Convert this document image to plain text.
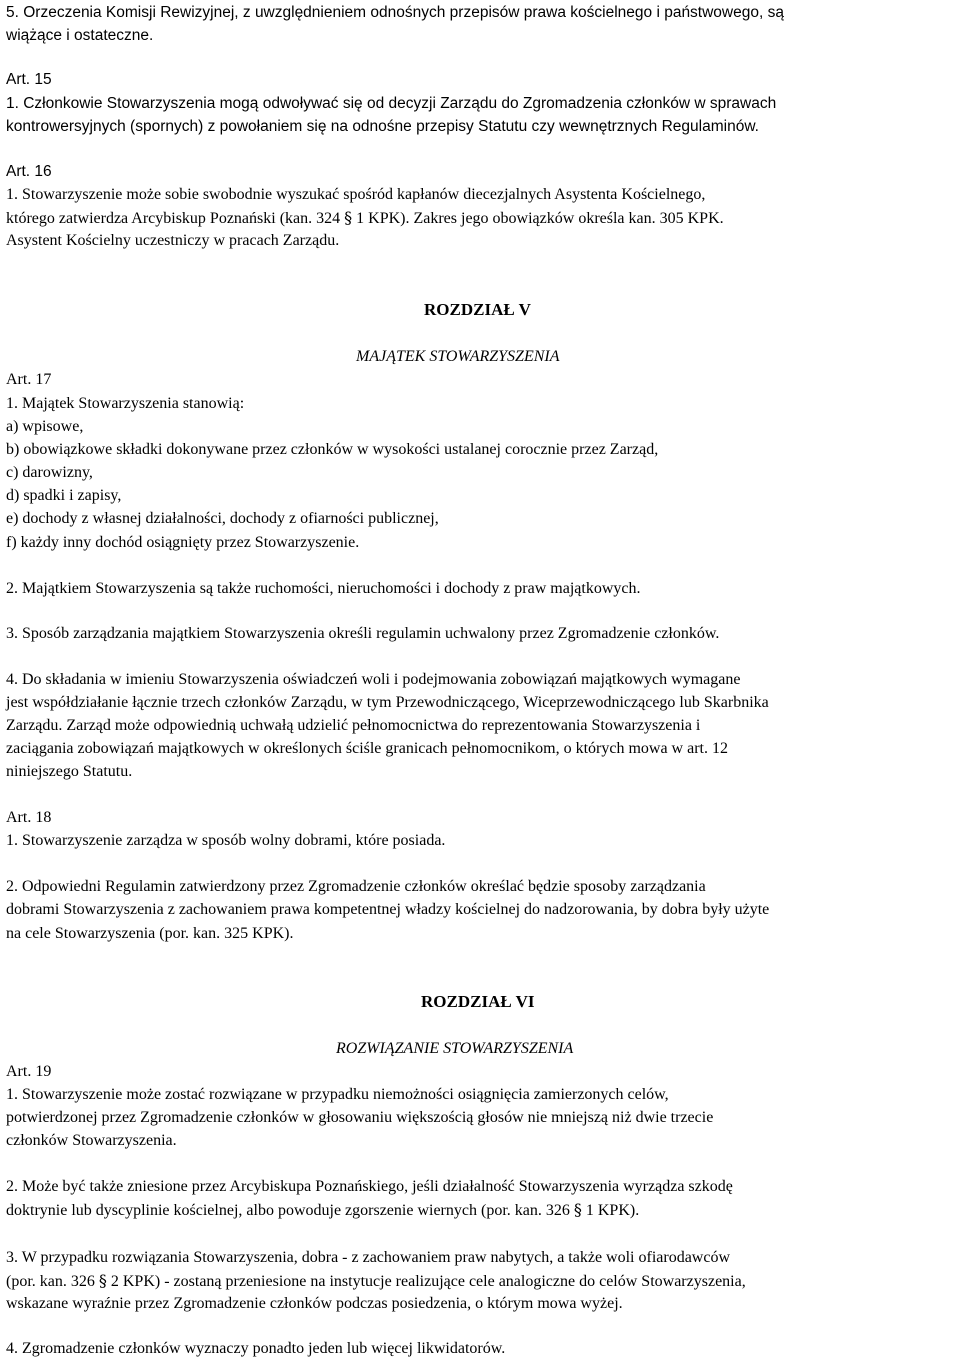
5. Orzeczenia Komisji Rewizyjnej, z uwzględnieniem odnośnych przepisów prawa kościelnego i państwowego, są
wiążące i ostateczne.
Art. 15
1. Członkowie Stowarzyszenia mogą odwoływać się od decyzji Zarządu do Zgromadzenia członków w sprawach
kontrowersyjnych (spornych) z powołaniem się na odnośne przepisy Statutu czy wewnętrznych Regulaminów.
Art. 16
1. Stowarzyszenie może sobie swobodnie wyszukać spośród kapłanów diecezjalnych Asystenta Kościelnego,
którego zatwierdza Arcybiskup Poznański (kan. 324 § 1 KPK). Zakres jego obowiązków określa kan. 305 KPK.
Asystent Kościelny uczestniczy w pracach Zarządu.
ROZDZIAŁ V
MAJĄTEK STOWARZYSZENIA
Art. 17
1. Majątek Stowarzyszenia stanowią:
a) wpisowe,
b) obowiązkowe składki dokonywane przez członków w wysokości ustalanej corocznie przez Zarząd,
c) darowizny,
d) spadki i zapisy,
e) dochody z własnej działalności, dochody z ofiarności publicznej,
f) każdy inny dochód osiągnięty przez Stowarzyszenie.
2. Majątkiem Stowarzyszenia są także ruchomości, nieruchomości i dochody z praw majątkowych.
3. Sposób zarządzania majątkiem Stowarzyszenia określi regulamin uchwalony przez Zgromadzenie członków.
4. Do składania w imieniu Stowarzyszenia oświadczeń woli i podejmowania zobowiązań majątkowych wymagane
jest współdziałanie łącznie trzech członków Zarządu, w tym Przewodniczącego, Wiceprzewodniczącego lub Skarbnika
Zarządu. Zarząd może odpowiednią uchwałą udzielić pełnomocnictwa do reprezentowania Stowarzyszenia i
zaciągania zobowiązań majątkowych w określonych ściśle granicach pełnomocnikom, o których mowa w art. 12
niniejszego Statutu.
Art. 18
1. Stowarzyszenie zarządza w sposób wolny dobrami, które posiada.
2. Odpowiedni Regulamin zatwierdzony przez Zgromadzenie członków określać będzie sposoby zarządzania
dobrami Stowarzyszenia z zachowaniem prawa kompetentnej władzy kościelnej do nadzorowania, by dobra były użyte
na cele Stowarzyszenia (por. kan. 325 KPK).
ROZDZIAŁ VI
ROZWIĄZANIE STOWARZYSZENIA
Art. 19
1. Stowarzyszenie może zostać rozwiązane w przypadku niemożności osiągnięcia zamierzonych celów,
potwierdzonej przez Zgromadzenie członków w głosowaniu większością głosów nie mniejszą niż dwie trzecie
członków Stowarzyszenia.
2. Może być także zniesione przez Arcybiskupa Poznańskiego, jeśli działalność Stowarzyszenia wyrządza szkodę
doktrynie lub dyscyplinie kościelnej, albo powoduje zgorszenie wiernych (por. kan. 326 § 1 KPK).
3. W przypadku rozwiązania Stowarzyszenia, dobra - z zachowaniem praw nabytych, a także woli ofiarodawców
(por. kan. 326 § 2 KPK) - zostaną przeniesione na instytucje realizujące cele analogiczne do celów Stowarzyszenia,
wskazane wyraźnie przez Zgromadzenie członków podczas posiedzenia, o którym mowa wyżej.
4. Zgromadzenie członków wyznaczy ponadto jeden lub więcej likwidatorów.
